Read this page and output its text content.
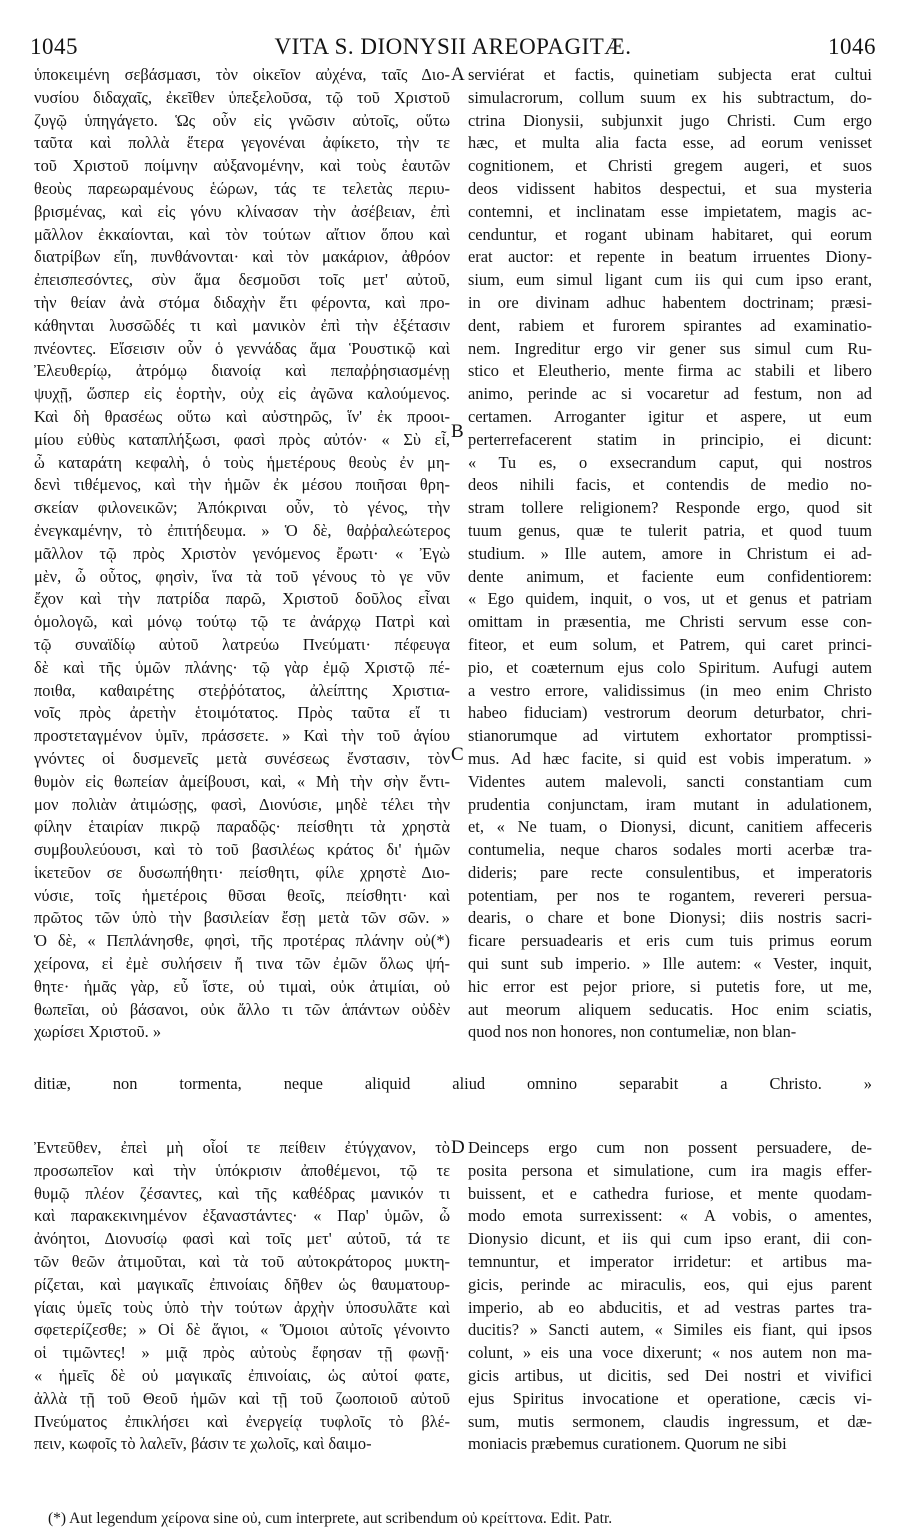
1045	VITA S. DIONYSII AREOPAGITÆ.	1046
A
B
C
D
ὑποκειμένη σεβάσμασι, τὸν οἰκεῖον αὐχένα, ταῖς Διο-
νυσίου διδαχαῖς, ἐκεῖθεν ὑπεξελοῦσα, τῷ τοῦ Χριστοῦ
ζυγῷ ὑπηγάγετο. Ὡς οὖν εἰς γνῶσιν αὐτοῖς, οὕτω
ταῦτα καὶ πολλὰ ἕτερα γεγονέναι ἀφίκετο, τὴν τε
τοῦ Χριστοῦ ποίμνην αὐξανομένην, καὶ τοὺς ἑαυτῶν
θεοὺς παρεωραμένους ἑώρων, τάς τε τελετὰς περιυ-
βρισμένας, καὶ εἰς γόνυ κλίνασαν τὴν ἀσέβειαν, ἐπὶ
μᾶλλον ἐκκαίονται, καὶ τὸν τούτων αἴτιον ὅπου καὶ
διατρίβων εἴη, πυνθάνονται· καὶ τὸν μακάριον, ἀθρόον
ἐπεισπεσόντες, σὺν ἅμα δεσμοῦσι τοῖς μετ' αὐτοῦ,
τὴν θείαν ἀνὰ στόμα διδαχὴν ἔτι φέροντα, καὶ προ-
κάθηνται λυσσῶδές τι καὶ μανικὸν ἐπὶ τὴν ἐξέτασιν
πνέοντες. Εἴσεισιν οὖν ὁ γεννάδας ἅμα Ῥουστικῷ καὶ
Ἐλευθερίῳ, ἀτρόμῳ διανοίᾳ καὶ πεπαῤῥησιασμένῃ
ψυχῇ, ὥσπερ εἰς ἑορτὴν, οὐχ εἰς ἀγῶνα καλούμενος.
Καὶ δὴ θρασέως οὕτω καὶ αὐστηρῶς, ἵν' ἐκ προοι-
μίου εὐθὺς καταπλήξωσι, φασὶ πρὸς αὐτόν· « Σὺ εἶ,
ὦ καταράτη κεφαλὴ, ὁ τοὺς ἡμετέρους θεοὺς ἐν μη-
δενὶ τιθέμενος, καὶ τὴν ἡμῶν ἐκ μέσου ποιῆσαι θρη-
σκείαν φιλονεικῶν; Ἀπόκριναι οὖν, τὸ γένος, τὴν
ἐνεγκαμένην, τὸ ἐπιτήδευμα. » Ὁ δὲ, θαῤῥαλεώτερος
μᾶλλον τῷ πρὸς Χριστὸν γενόμενος ἔρωτι· « Ἐγὼ
μὲν, ὦ οὗτος, φησὶν, ἵνα τὰ τοῦ γένους τὸ γε νῦν
ἔχον καὶ τὴν πατρίδα παρῶ, Χριστοῦ δοῦλος εἶναι
ὁμολογῶ, καὶ μόνῳ τούτῳ τῷ τε ἀνάρχῳ Πατρὶ καὶ
τῷ συναϊδίῳ αὐτοῦ λατρεύω Πνεύματι· πέφευγα
δὲ καὶ τῆς ὑμῶν πλάνης· τῷ γὰρ ἐμῷ Χριστῷ πέ-
ποιθα, καθαιρέτης στεῤῥότατος, ἀλείπτης Χριστια-
νοῖς πρὸς ἀρετὴν ἑτοιμότατος. Πρὸς ταῦτα εἴ τι
προστεταγμένον ὑμῖν, πράσσετε. » Καὶ τὴν τοῦ ἁγίου
γνόντες οἱ δυσμενεῖς μετὰ συνέσεως ἔνστασιν, τὸν
θυμὸν εἰς θωπείαν ἀμείβουσι, καὶ, « Μὴ τὴν σὴν ἔντι-
μον πολιὰν ἀτιμώσῃς, φασὶ, Διονύσιε, μηδὲ τέλει τὴν
φίλην ἑταιρίαν πικρῷ παραδῷς· πείσθητι τὰ χρηστὰ
συμβουλεύουσι, καὶ τὸ τοῦ βασιλέως κράτος δι' ἡμῶν
ἱκετεῦον σε δυσωπήθητι· πείσθητι, φίλε χρηστὲ Διο-
νύσιε, τοῖς ἡμετέροις θῦσαι θεοῖς, πείσθητι· καὶ
πρῶτος τῶν ὑπὸ τὴν βασιλείαν ἔσῃ μετὰ τῶν σῶν. »
Ὁ δὲ, « Πεπλάνησθε, φησὶ, τῆς προτέρας πλάνην οὐ(*)
χείρονα, εἰ ἐμὲ συλήσειν ἤ τινα τῶν ἐμῶν ὅλως ψή-
θητε· ἡμᾶς γὰρ, εὖ ἴστε, οὐ τιμαὶ, οὐκ ἀτιμίαι, οὐ
θωπεῖαι, οὐ βάσανοι, οὐκ ἄλλο τι τῶν ἁπάντων οὐδὲν
χωρίσει Χριστοῦ. »
serviérat et factis, quinetiam subjecta erat cultui
simulacrorum, collum suum ex his subtractum, do-
ctrina Dionysii, subjunxit jugo Christi. Cum ergo
hæc, et multa alia facta esse, ad eorum venisset
cognitionem, et Christi gregem augeri, et suos
deos vidissent habitos despectui, et sua mysteria
contemni, et inclinatam esse impietatem, magis ac-
cenduntur, et rogant ubinam habitaret, qui eorum
erat auctor: et repente in beatum irruentes Diony-
sium, eum simul ligant cum iis qui cum ipso erant,
in ore divinam adhuc habentem doctrinam; præsi-
dent, rabiem et furorem spirantes ad examinatio-
nem. Ingreditur ergo vir gener sus simul cum Ru-
stico et Eleutherio, mente firma ac stabili et libero
animo, perinde ac si vocaretur ad festum, non ad
certamen. Arroganter igitur et aspere, ut eum
perterrefacerent statim in principio, ei dicunt:
« Tu es, o exsecrandum caput, qui nostros
deos nihili facis, et contendis de medio no-
stram tollere religionem? Responde ergo, quod sit
tuum genus, quæ te tulerit patria, et quod tuum
studium. » Ille autem, amore in Christum ei ad-
dente animum, et faciente eum confidentiorem:
« Ego quidem, inquit, o vos, ut et genus et patriam
omittam in præsentia, me Christi servum esse con-
fiteor, et eum solum, et Patrem, qui caret princi-
pio, et coæternum ejus colo Spiritum. Aufugi autem
a vestro errore, validissimus (in meo enim Christo
habeo fiduciam) vestrorum deorum deturbator, chri-
stianorumque ad virtutem exhortator promptissi-
mus. Ad hæc facite, si quid est vobis imperatum. »
Videntes autem malevoli, sancti constantiam cum
prudentia conjunctam, iram mutant in adulationem,
et, « Ne tuam, o Dionysi, dicunt, canitiem affeceris
contumelia, neque charos sodales morti acerbæ tra-
dideris; pare recte consulentibus, et imperatoris
potentiam, per nos te rogantem, revereri persua-
dearis, o chare et bone Dionysi; diis nostris sacri-
ficare persuadearis et eris cum tuis primus eorum
qui sunt sub imperio. » Ille autem: « Vester, inquit,
hic error est pejor priore, si putetis fore, ut me,
aut meorum aliquem seducatis. Hoc enim sciatis,
quod nos non honores, non contumeliæ, non blan-
ditiæ, non tormenta, neque aliquid aliud omnino separabit a Christo. »
Ἐντεῦθεν, ἐπεὶ μὴ οἷοί τε πείθειν ἐτύγχανον, τὸ
προσωπεῖον καὶ τὴν ὑπόκρισιν ἀποθέμενοι, τῷ τε
θυμῷ πλέον ζέσαντες, καὶ τῆς καθέδρας μανικόν τι
καὶ παρακεκινημένον ἐξαναστάντες· « Παρ' ὑμῶν, ὦ
ἀνόητοι, Διονυσίῳ φασὶ καὶ τοῖς μετ' αὐτοῦ, τά τε
τῶν θεῶν ἀτιμοῦται, καὶ τὰ τοῦ αὐτοκράτορος μυκτη-
ρίζεται, καὶ μαγικαῖς ἐπινοίαις δῆθεν ὡς θαυματουρ-
γίαις ὑμεῖς τοὺς ὑπὸ τὴν τούτων ἀρχὴν ὑποσυλᾶτε καὶ
σφετερίζεσθε; » Οἱ δὲ ἅγιοι, « Ὅμοιοι αὐτοῖς γένοιντο
οἱ τιμῶντες! » μιᾷ πρὸς αὐτοὺς ἔφησαν τῇ φωνῇ·
« ἡμεῖς δὲ οὐ μαγικαῖς ἐπινοίαις, ὡς αὐτοί φατε,
ἀλλὰ τῇ τοῦ Θεοῦ ἡμῶν καὶ τῇ τοῦ ζωοποιοῦ αὐτοῦ
Πνεύματος ἐπικλήσει καὶ ἐνεργείᾳ τυφλοῖς τὸ βλέ-
πειν, κωφοῖς τὸ λαλεῖν, βάσιν τε χωλοῖς, καὶ δαιμο-
Deinceps ergo cum non possent persuadere, de-
posita persona et simulatione, cum ira magis effer-
buissent, et e cathedra furiose, et mente quodam-
modo emota surrexissent: « A vobis, o amentes,
Dionysio dicunt, et iis qui cum ipso erant, dii con-
temnuntur, et imperator irridetur: et artibus ma-
gicis, perinde ac miraculis, eos, qui ejus parent
imperio, ab eo abducitis, et ad vestras partes tra-
ducitis? » Sancti autem, « Similes eis fiant, qui ipsos
colunt, » eis una voce dixerunt; « nos autem non ma-
gicis artibus, ut dicitis, sed Dei nostri et vivifici
ejus Spiritus invocatione et operatione, cæcis vi-
sum, mutis sermonem, claudis ingressum, et dæ-
moniacis præbemus curationem. Quorum ne sibi
(*) Aut legendum χείρονα sine οὐ, cum interprete, aut scribendum οὐ κρείττονα. Edit. Patr.
